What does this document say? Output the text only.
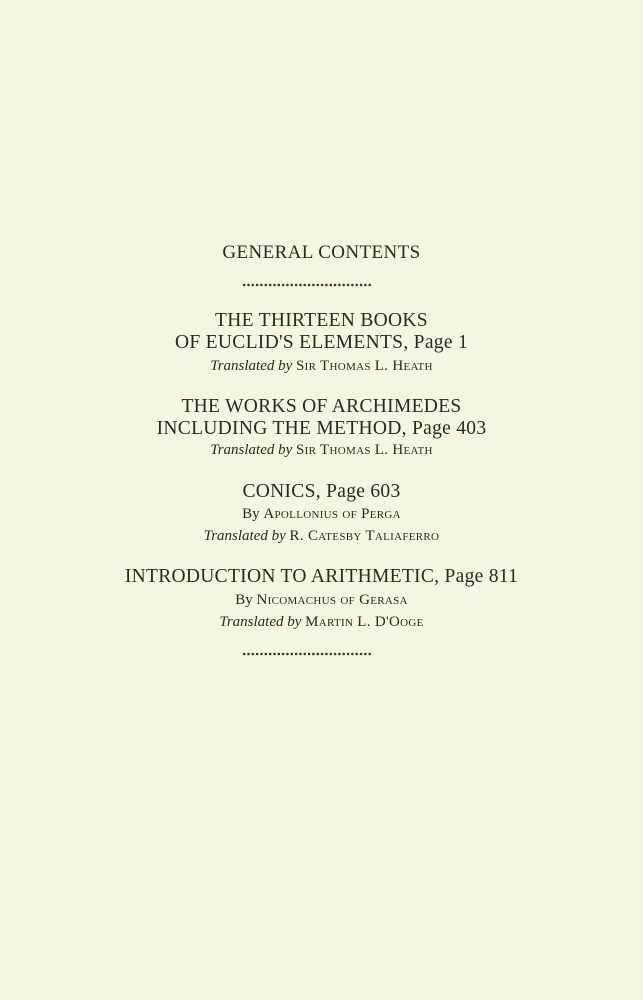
GENERAL CONTENTS
THE THIRTEEN BOOKS
OF EUCLID'S ELEMENTS, Page 1
Translated by Sir Thomas L. Heath
THE WORKS OF ARCHIMEDES
INCLUDING THE METHOD, Page 403
Translated by Sir Thomas L. Heath
CONICS, Page 603
By Apollonius of Perga
Translated by R. Catesby Taliaferro
INTRODUCTION TO ARITHMETIC, Page 811
By Nicomachus of Gerasa
Translated by Martin L. D'Ooge
